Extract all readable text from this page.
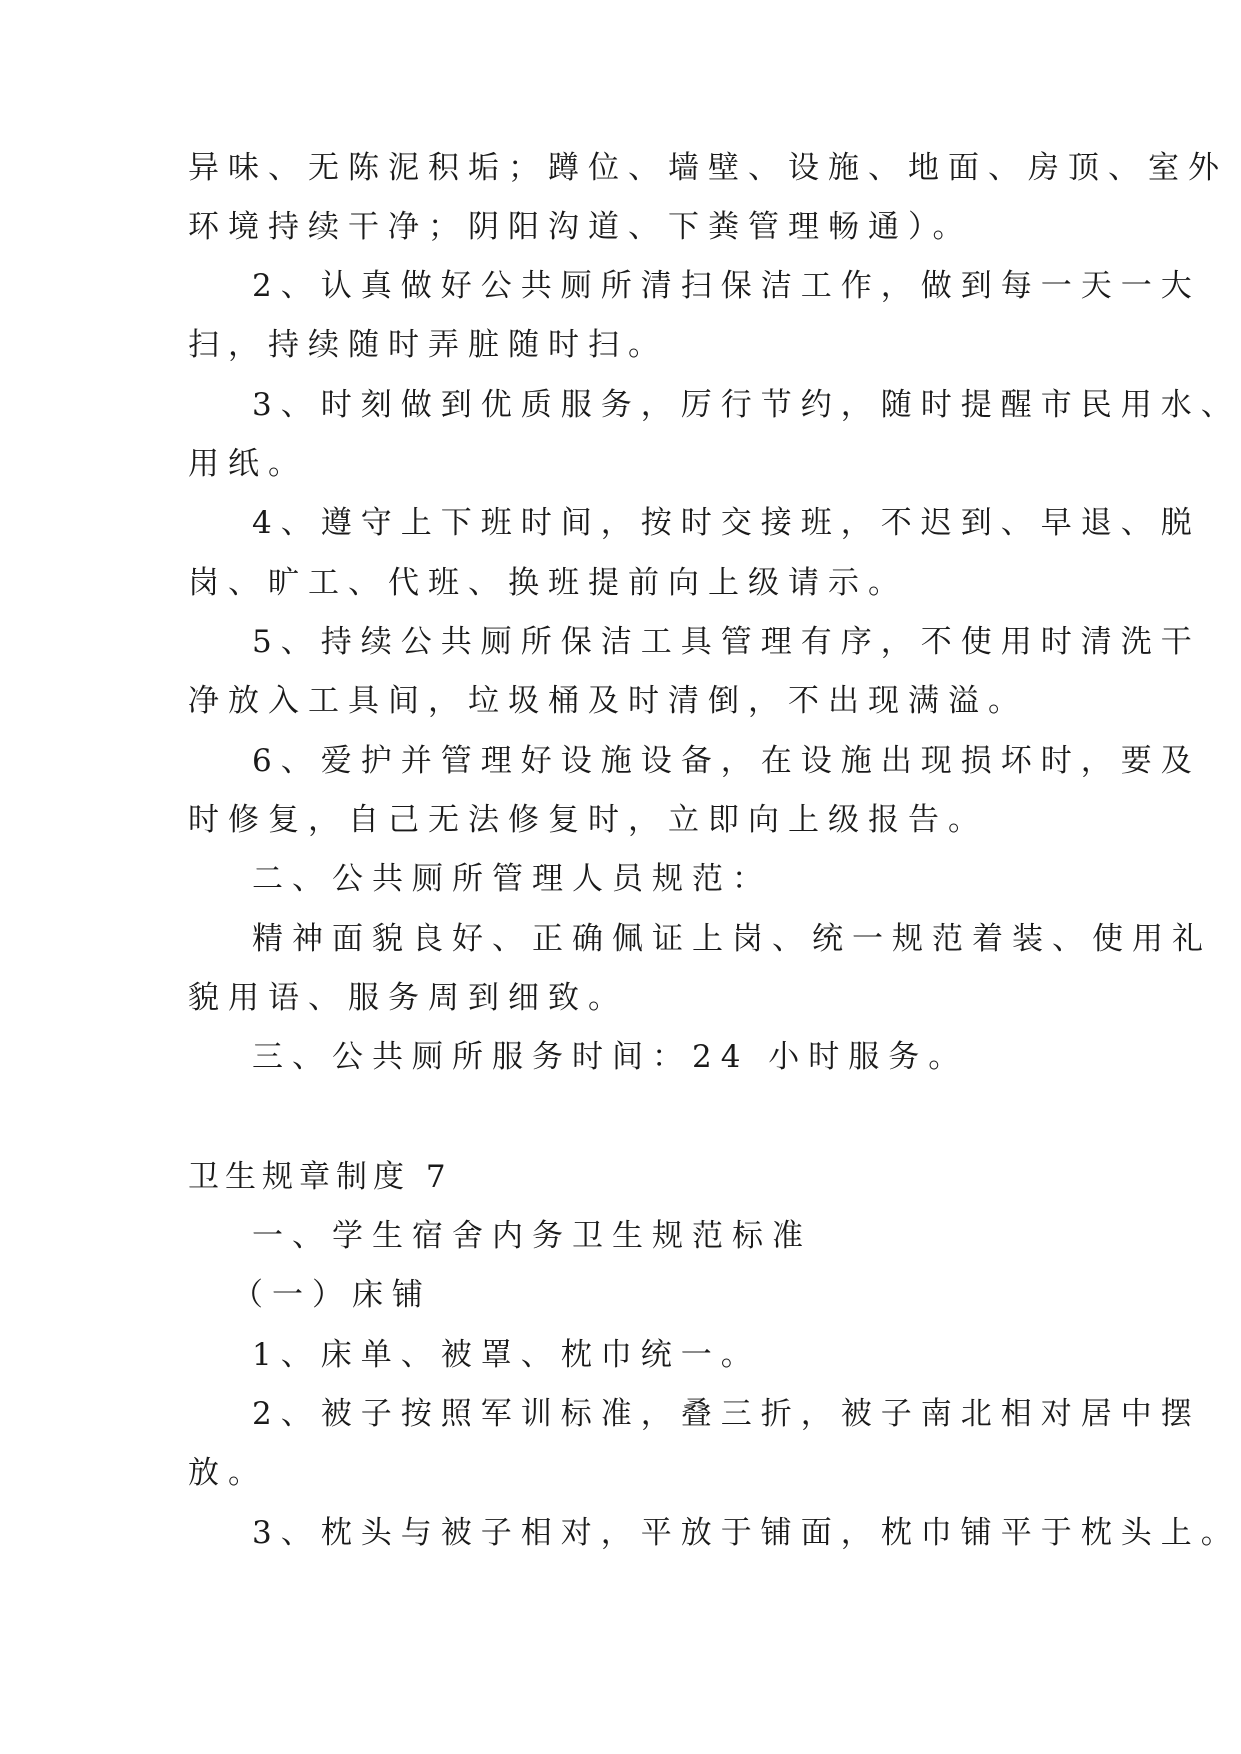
异味、无陈泥积垢；蹲位、墙壁、设施、地面、房顶、室外
环境持续干净；阴阳沟道、下粪管理畅通）。
2、认真做好公共厕所清扫保洁工作，做到每一天一大
扫，持续随时弄脏随时扫。
3、时刻做到优质服务，厉行节约，随时提醒市民用水、
用纸。
4、遵守上下班时间，按时交接班，不迟到、早退、脱
岗、旷工、代班、换班提前向上级请示。
5、持续公共厕所保洁工具管理有序，不使用时清洗干
净放入工具间，垃圾桶及时清倒，不出现满溢。
6、爱护并管理好设施设备，在设施出现损坏时，要及
时修复，自己无法修复时，立即向上级报告。
二、公共厕所管理人员规范：
精神面貌良好、正确佩证上岗、统一规范着装、使用礼
貌用语、服务周到细致。
三、公共厕所服务时间：24 小时服务。
卫生规章制度 7
一、学生宿舍内务卫生规范标准
（一）床铺
1、床单、被罩、枕巾统一。
2、被子按照军训标准，叠三折，被子南北相对居中摆
放。
3、枕头与被子相对，平放于铺面，枕巾铺平于枕头上。
